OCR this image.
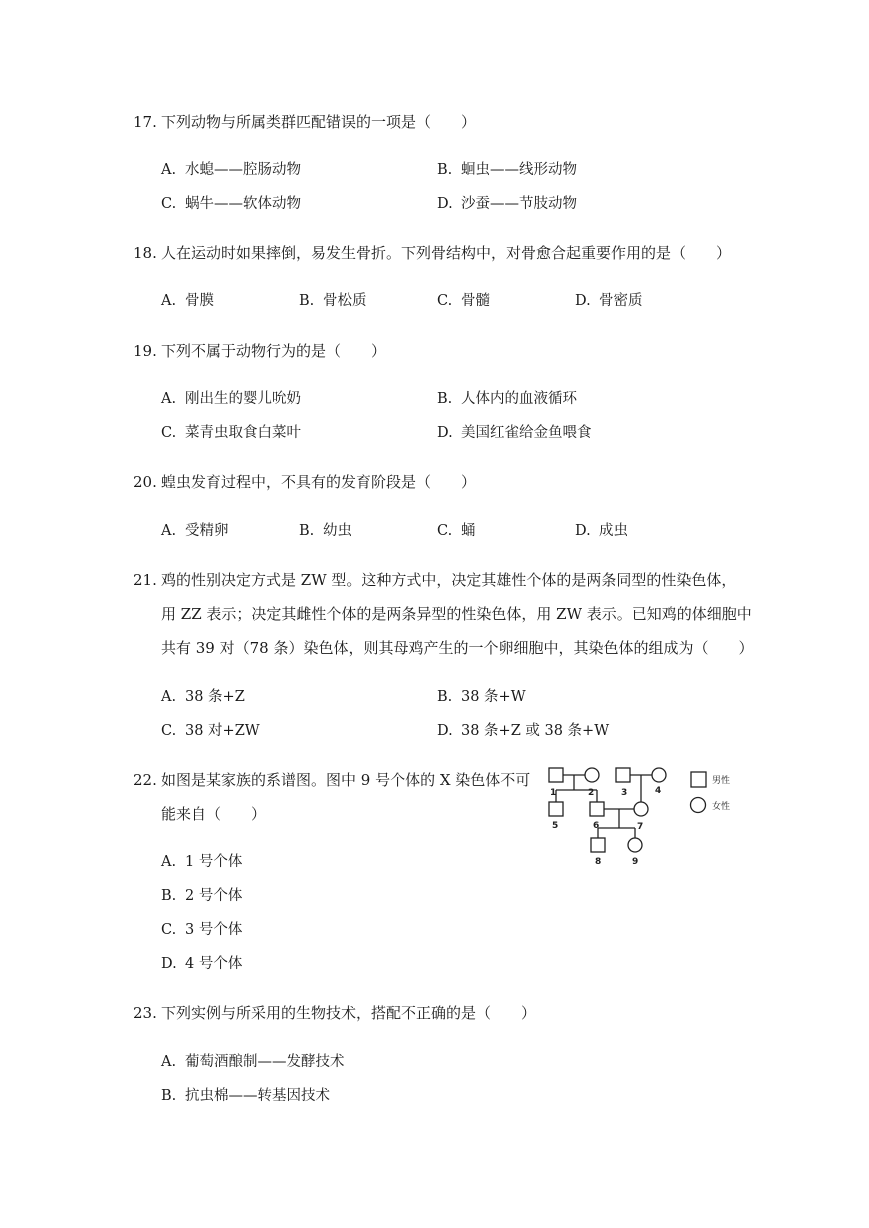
17. 下列动物与所属类群匹配错误的一项是（　　）
A. 水螅——腔肠动物	B. 蛔虫——线形动物
C. 蜗牛——软体动物	D. 沙蚕——节肢动物
18. 人在运动时如果摔倒，易发生骨折。下列骨结构中，对骨愈合起重要作用的是（　　）
A. 骨膜	B. 骨松质	C. 骨髓	D. 骨密质
19. 下列不属于动物行为的是（　　）
A. 刚出生的婴儿吮奶	B. 人体内的血液循环
C. 菜青虫取食白菜叶	D. 美国红雀给金鱼喂食
20. 蝗虫发育过程中，不具有的发育阶段是（　　）
A. 受精卵	B. 幼虫	C. 蛹	D. 成虫
21. 鸡的性别决定方式是 ZW 型。这种方式中，决定其雄性个体的是两条同型的性染色体，
用 ZZ 表示；决定其雌性个体的是两条异型的性染色体，用 ZW 表示。已知鸡的体细胞中
共有 39 对（78 条）染色体，则其母鸡产生的一个卵细胞中，其染色体的组成为（　　）
A. 38 条+Z	B. 38 条+W
C. 38 对+ZW	D. 38 条+Z 或 38 条+W
22. 如图是某家族的系谱图。图中 9 号个体的 X 染色体不可
能来自（　　）
A. 1 号个体
B. 2 号个体
C. 3 号个体
D. 4 号个体
1	2	3	4
5	6	7
8	9
男性
女性
23. 下列实例与所采用的生物技术，搭配不正确的是（　　）
A. 葡萄酒酿制——发酵技术
B. 抗虫棉——转基因技术
